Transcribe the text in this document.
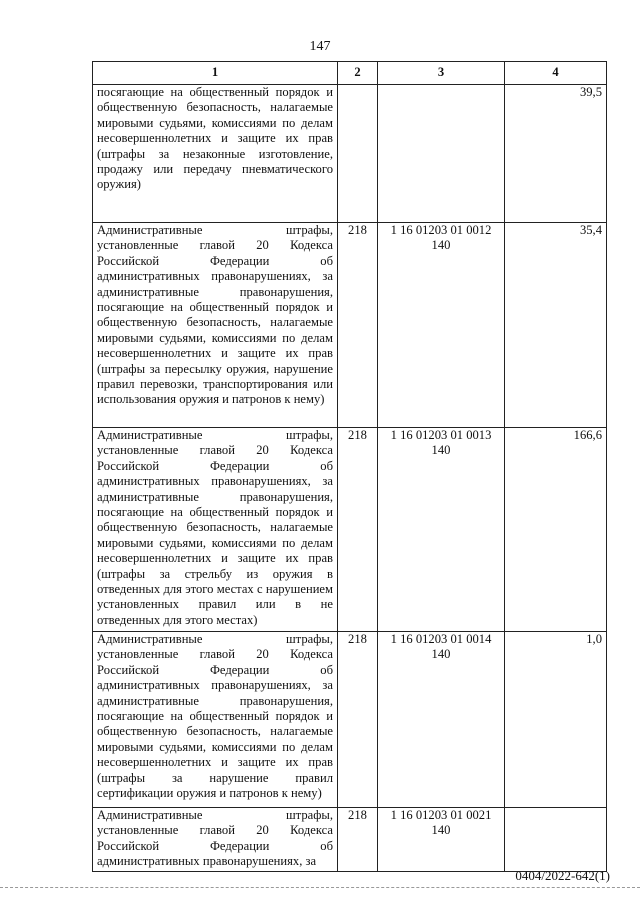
147
1	2	3	4
посягающие на общественный порядок и общественную безопасность, налагаемые мировыми судьями, комиссиями по делам несовершеннолетних и защите их прав (штрафы за незаконные изготовление, продажу или передачу пневматического оружия)			39,5
Административные штрафы, установленные главой 20 Кодекса Российской Федерации об административных правонарушениях, за административные правонарушения, посягающие на общественный порядок и общественную безопасность, налагаемые мировыми судьями, комиссиями по делам несовершеннолетних и защите их прав (штрафы за пересылку оружия, нарушение правил перевозки, транспортирования или использования оружия и патронов к нему)	218	1 16 01203 01 0012 140	35,4
Административные штрафы, установленные главой 20 Кодекса Российской Федерации об административных правонарушениях, за административные правонарушения, посягающие на общественный порядок и общественную безопасность, налагаемые мировыми судьями, комиссиями по делам несовершеннолетних и защите их прав (штрафы за стрельбу из оружия в отведенных для этого местах с нарушением установленных правил или в не отведенных для этого местах)	218	1 16 01203 01 0013 140	166,6
Административные штрафы, установленные главой 20 Кодекса Российской Федерации об административных правонарушениях, за административные правонарушения, посягающие на общественный порядок и общественную безопасность, налагаемые мировыми судьями, комиссиями по делам несовершеннолетних и защите их прав (штрафы за нарушение правил сертификации оружия и патронов к нему)	218	1 16 01203 01 0014 140	1,0
Административные штрафы, установленные главой 20 Кодекса Российской Федерации об административных правонарушениях, за	218	1 16 01203 01 0021 140	
0404/2022-642(1)
